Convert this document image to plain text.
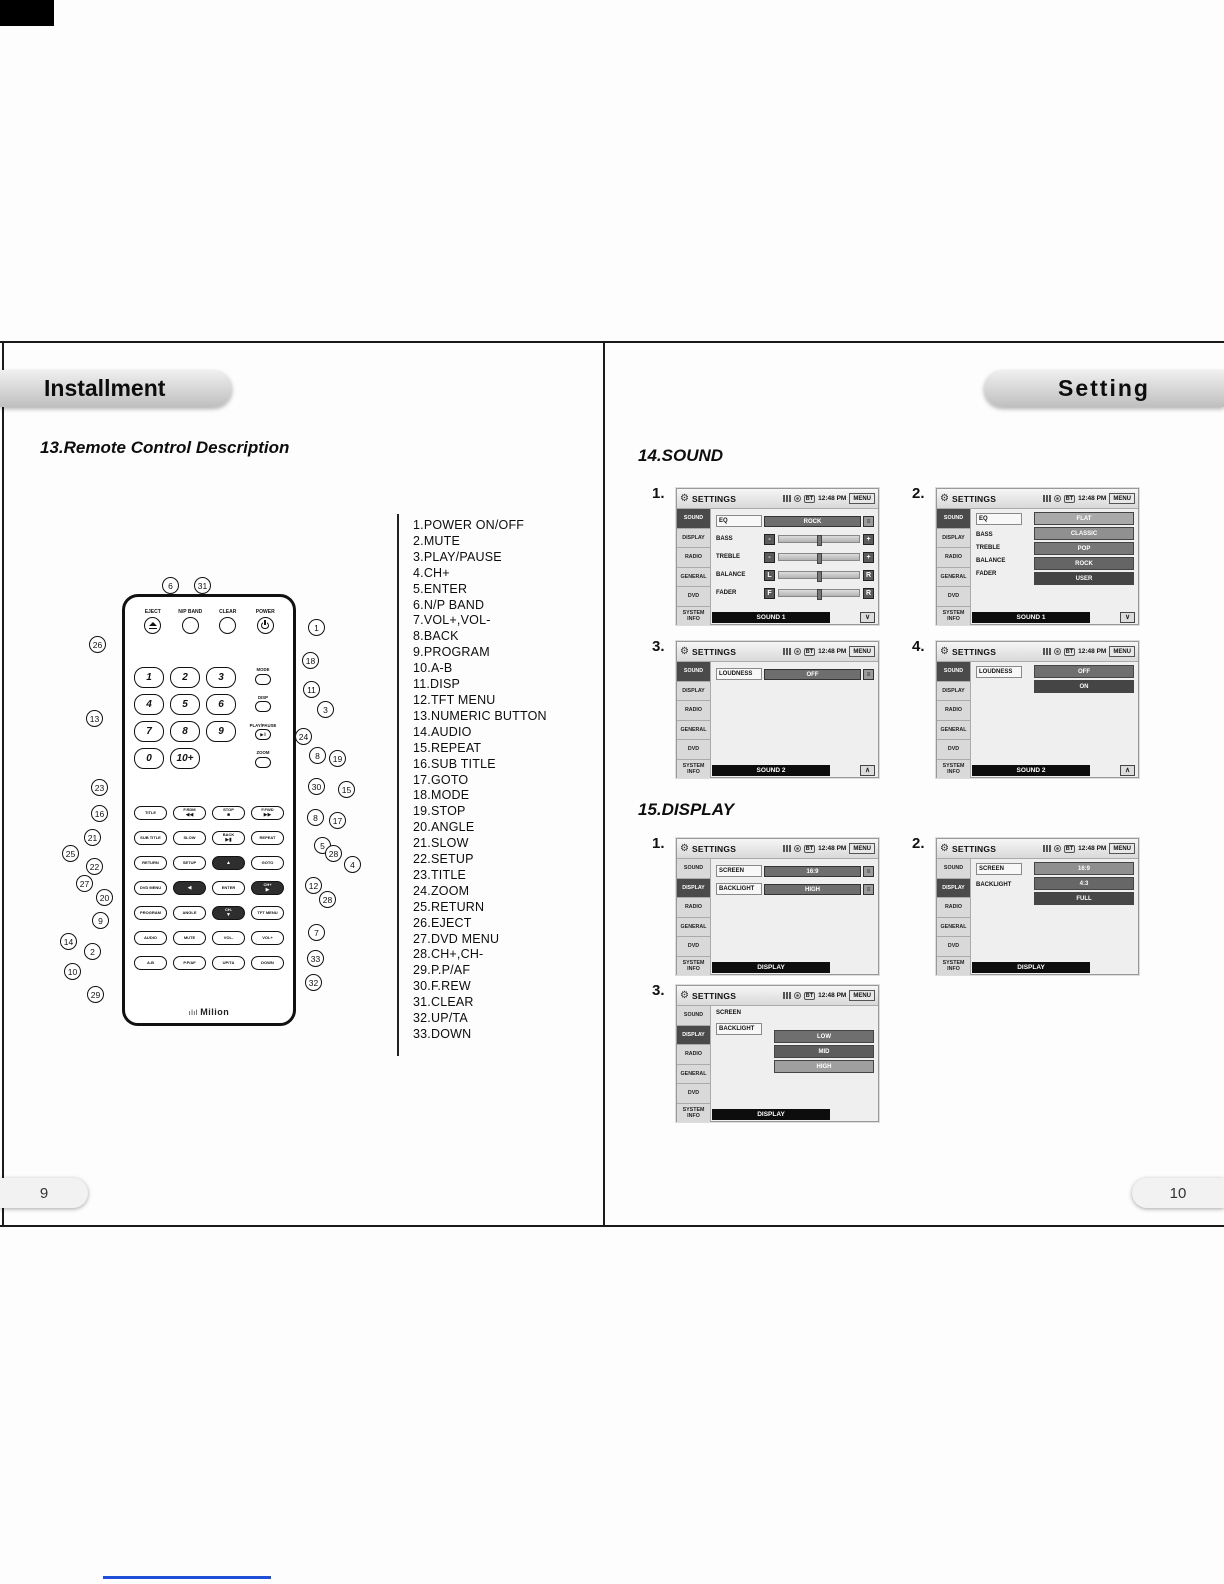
Installment
13.Remote Control Description
EJECT	N/P BAND	CLEAR	POWER
1	2	3
4	5	6
7	8	9
0	10+
MODE
DISP
PLAY/PAUSE
▶‖
ZOOM
TITLE	F.RDM
◀◀
STOP
■
F.FWD
▶▶
SUB TITLE	SLOW	BACK
▶▮	REPEAT
RETURN	SETUP	▲	GOTO
DVD MENU	◀	ENTER	CH+
▶
PROGRAM	ANGLE	CH-
▼	TFT MENU
AUDIO	MUTE	VOL-	VOL+
A-B	P.P/AF	UP/TA	DOWN
ılıl Milion
6	31
26
13
23
16
21
25
22
27
20
9
14
2
10
29
1
18
11
3
24
8	19
30	15
8	17
5
28
4
12
28
7
33
32
1.POWER ON/OFF
2.MUTE
3.PLAY/PAUSE
4.CH+
5.ENTER
6.N/P BAND
7.VOL+,VOL-
8.BACK
9.PROGRAM
10.A-B
11.DISP
12.TFT MENU
13.NUMERIC BUTTON
14.AUDIO
15.REPEAT
16.SUB TITLE
17.GOTO
18.MODE
19.STOP
20.ANGLE
21.SLOW
22.SETUP
23.TITLE
24.ZOOM
25.RETURN
26.EJECT
27.DVD MENU
28.CH+,CH-
29.P.P/AF
30.F.REW
31.CLEAR
32.UP/TA
33.DOWN
9
Setting
14.SOUND
15.DISPLAY
1. ⚙ SETTINGS	BT 12:48 PM	MENU
SOUND
DISPLAY
RADIO
GENERAL
DVD
SYSTEM INFO
EQ	ROCK	≡
BASS	-	+
TREBLE	-	+
BALANCE	L	R
FADER	F	R
SOUND 1	∨
2. ⚙ SETTINGS	BT 12:48 PM	MENU
SOUND
DISPLAY
RADIO
GENERAL
DVD
SYSTEM INFO
EQ
BASS
TREBLE
BALANCE
FADER
FLAT
CLASSIC
POP
ROCK
USER
SOUND 1	∨
3. ⚙ SETTINGS	BT 12:48 PM	MENU
SOUND
DISPLAY
RADIO
GENERAL
DVD
SYSTEM INFO
LOUDNESS	OFF	≡
SOUND 2	∧
4. ⚙ SETTINGS	BT 12:48 PM	MENU
SOUND
DISPLAY
RADIO
GENERAL
DVD
SYSTEM INFO
LOUDNESS	OFF
ON
SOUND 2	∧
1. ⚙ SETTINGS	BT 12:48 PM	MENU
SOUND
DISPLAY
RADIO
GENERAL
DVD
SYSTEM INFO
SCREEN	16:9	≡
BACKLIGHT	HIGH	≡
DISPLAY
2. ⚙ SETTINGS	BT 12:48 PM	MENU
SOUND
DISPLAY
RADIO
GENERAL
DVD
SYSTEM INFO
SCREEN
BACKLIGHT
16:9
4:3
FULL
DISPLAY
3. ⚙ SETTINGS	BT 12:48 PM	MENU
SOUND
DISPLAY
RADIO
GENERAL
DVD
SYSTEM INFO
SCREEN
BACKLIGHT
LOW
MID
HIGH
DISPLAY
10
